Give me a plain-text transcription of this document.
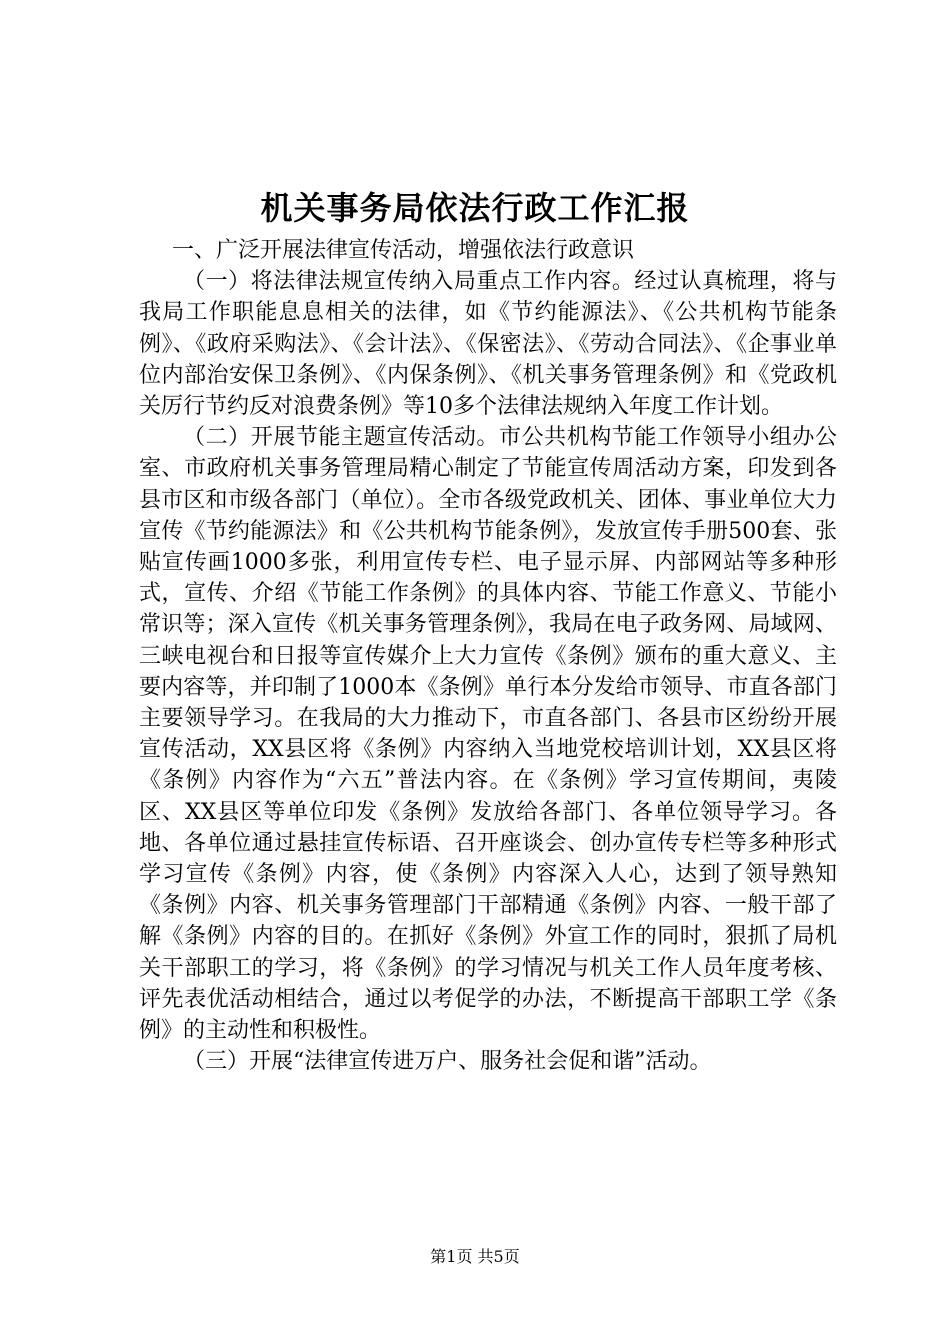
机关事务局依法行政工作汇报

一、广泛开展法律宣传活动，增强依法行政意识

（一）将法律法规宣传纳入局重点工作内容。经过认真梳理，将与我局工作职能息息相关的法律，如《节约能源法》、《公共机构节能条例》、《政府采购法》、《会计法》、《保密法》、《劳动合同法》、《企事业单位内部治安保卫条例》、《内保条例》、《机关事务管理条例》和《党政机关厉行节约反对浪费条例》等10多个法律法规纳入年度工作计划。

（二）开展节能主题宣传活动。市公共机构节能工作领导小组办公室、市政府机关事务管理局精心制定了节能宣传周活动方案，印发到各县市区和市级各部门（单位）。全市各级党政机关、团体、事业单位大力宣传《节约能源法》和《公共机构节能条例》，发放宣传手册500套、张贴宣传画1000多张，利用宣传专栏、电子显示屏、内部网站等多种形式，宣传、介绍《节能工作条例》的具体内容、节能工作意义、节能小常识等；深入宣传《机关事务管理条例》，我局在电子政务网、局域网、三峡电视台和日报等宣传媒介上大力宣传《条例》颁布的重大意义、主要内容等，并印制了1000本《条例》单行本分发给市领导、市直各部门主要领导学习。在我局的大力推动下，市直各部门、各县市区纷纷开展宣传活动，XX县区将《条例》内容纳入当地党校培训计划，XX县区将《条例》内容作为“六五”普法内容。在《条例》学习宣传期间，夷陵区、XX县区等单位印发《条例》发放给各部门、各单位领导学习。各地、各单位通过悬挂宣传标语、召开座谈会、创办宣传专栏等多种形式学习宣传《条例》内容，使《条例》内容深入人心，达到了领导熟知《条例》内容、机关事务管理部门干部精通《条例》内容、一般干部了解《条例》内容的目的。在抓好《条例》外宣工作的同时，狠抓了局机关干部职工的学习，将《条例》的学习情况与机关工作人员年度考核、评先表优活动相结合，通过以考促学的办法，不断提高干部职工学《条例》的主动性和积极性。

（三）开展“法律宣传进万户、服务社会促和谐”活动。

第1页 共5页
